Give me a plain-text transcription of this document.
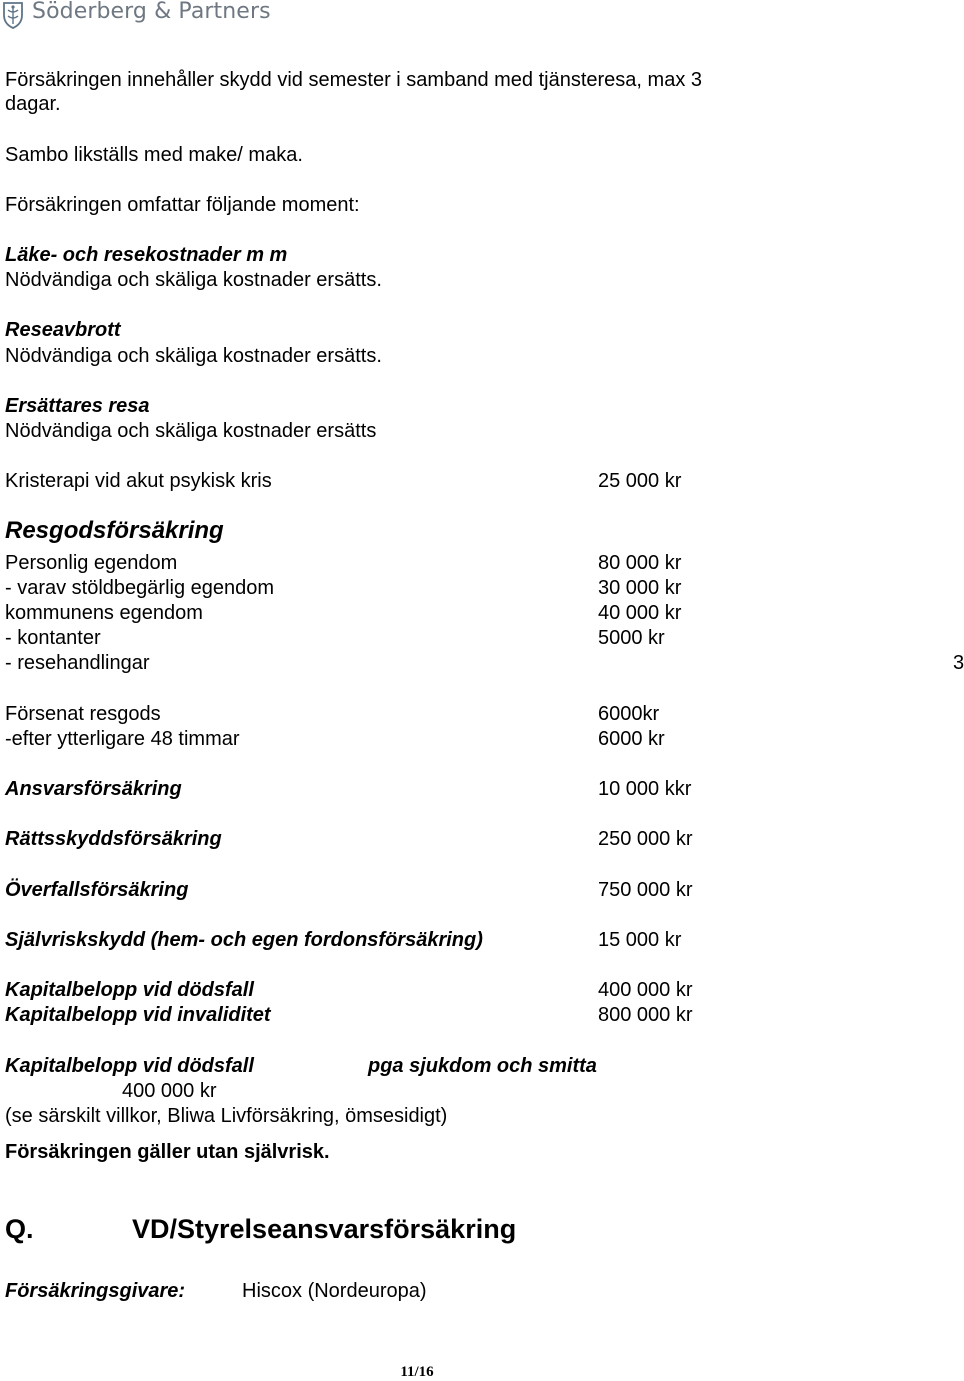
Söderberg & Partners
Försäkringen innehåller skydd vid semester i samband med tjänsteresa, max 3
dagar.
Sambo likställs med make/ maka.
Försäkringen omfattar följande moment:
Läke- och resekostnader m m
Nödvändiga och skäliga kostnader ersätts.
Reseavbrott
Nödvändiga och skäliga kostnader ersätts.
Ersättares resa
Nödvändiga och skäliga kostnader ersätts
Kristerapi vid akut psykisk kris	25 000 kr
Resgodsförsäkring
Personlig egendom	80 000 kr
- varav stöldbegärlig egendom	30 000 kr
kommunens egendom	40 000 kr
- kontanter	5000 kr
- resehandlingar	3
Försenat resgods	6000kr
-efter ytterligare 48 timmar	6000 kr
Ansvarsförsäkring	10 000 kkr
Rättsskyddsförsäkring	250 000 kr
Överfallsförsäkring	750 000 kr
Självriskskydd (hem- och egen fordonsförsäkring)	15 000 kr
Kapitalbelopp vid dödsfall	400 000 kr
Kapitalbelopp vid invaliditet	800 000 kr
Kapitalbelopp vid dödsfall	pga sjukdom och smitta
400 000 kr
(se särskilt villkor, Bliwa Livförsäkring, ömsesidigt)
Försäkringen gäller utan självrisk.
Q.	VD/Styrelseansvarsförsäkring
Försäkringsgivare:	Hiscox (Nordeuropa)
11/16
